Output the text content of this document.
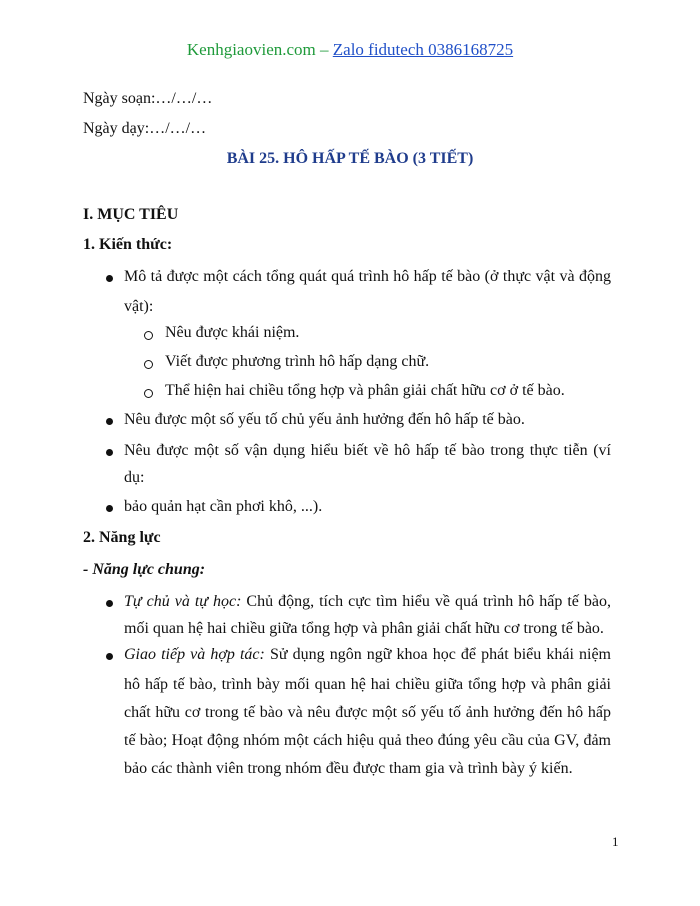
Kenhgiaovien.com – Zalo fidutech 0386168725
Ngày soạn:…/…/…
Ngày dạy:…/…/…
BÀI 25. HÔ HẤP TẾ BÀO (3 TIẾT)
I. MỤC TIÊU
1. Kiến thức:
Mô tả được một cách tổng quát quá trình hô hấp tế bào (ở thực vật và động
vật):
Nêu được khái niệm.
Viết được phương trình hô hấp dạng chữ.
Thể hiện hai chiều tổng hợp và phân giải chất hữu cơ ở tế bào.
Nêu được một số yếu tố chủ yếu ảnh hưởng đến hô hấp tế bào.
Nêu được một số vận dụng hiểu biết về hô hấp tế bào trong thực tiễn (ví
dụ:
bảo quản hạt cần phơi khô, ...).
2. Năng lực
- Năng lực chung:
Tự chủ và tự học: Chủ động, tích cực tìm hiểu về quá trình hô hấp tế bào,
mối quan hệ hai chiều giữa tổng hợp và phân giải chất hữu cơ trong tế bào.
Giao tiếp và hợp tác: Sử dụng ngôn ngữ khoa học để phát biểu khái niệm
hô hấp tế bào, trình bày mối quan hệ hai chiều giữa tổng hợp và phân giải
chất hữu cơ trong tế bào và nêu được một số yếu tố ảnh hưởng đến hô hấp
tế bào; Hoạt động nhóm một cách hiệu quả theo đúng yêu cầu của GV, đảm
bảo các thành viên trong nhóm đều được tham gia và trình bày ý kiến.
1
